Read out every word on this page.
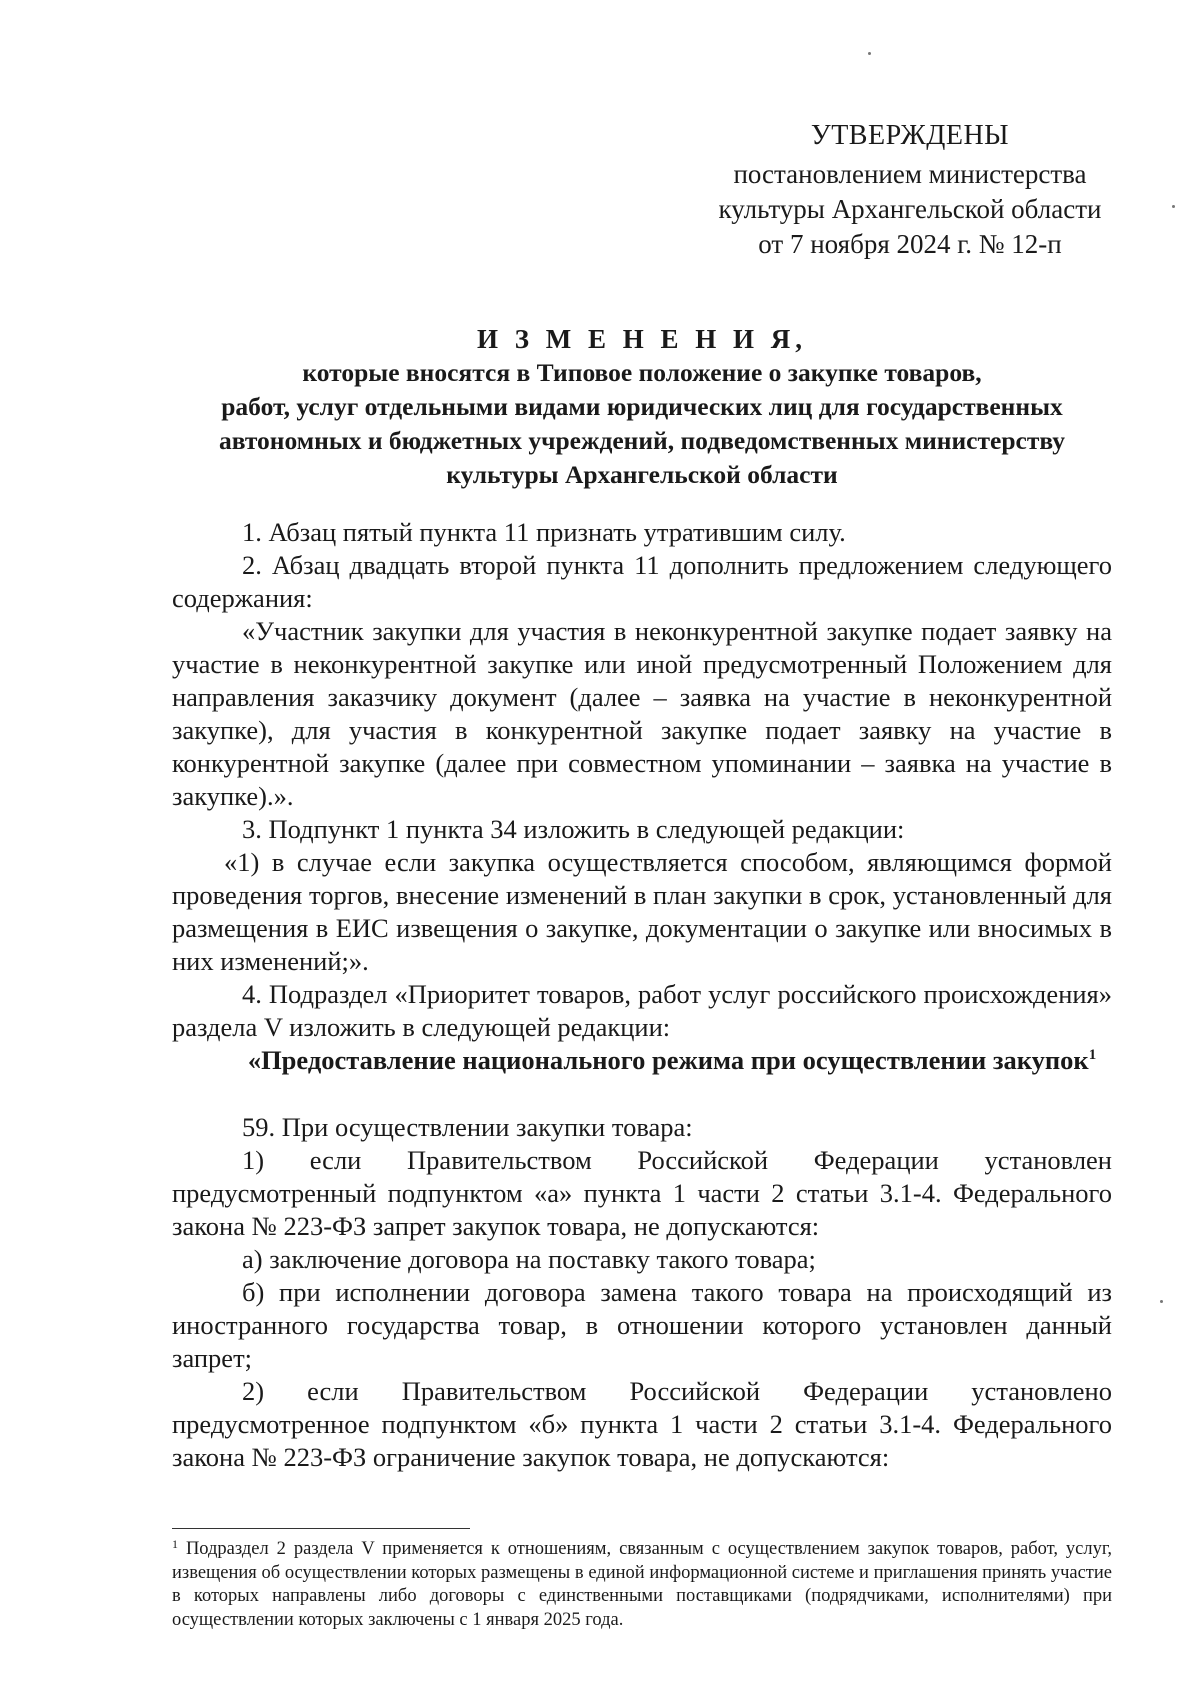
УТВЕРЖДЕНЫ
постановлением министерства
культуры Архангельской области
от 7 ноября 2024 г. № 12-п
И З М Е Н Е Н И Я,
которые вносятся в Типовое положение о закупке товаров,
работ, услуг отдельными видами юридических лиц для государственных
автономных и бюджетных учреждений, подведомственных министерству
культуры Архангельской области

1. Абзац пятый пункта 11 признать утратившим силу.

2. Абзац двадцать второй пункта 11 дополнить предложением следующего содержания:

«Участник закупки для участия в неконкурентной закупке подает заявку на участие в неконкурентной закупке или иной предусмотренный Положением для направления заказчику документ (далее – заявка на участие в неконкурентной закупке), для участия в конкурентной закупке подает заявку на участие в конкурентной закупке (далее при совместном упоминании – заявка на участие в закупке).».

3. Подпункт 1 пункта 34 изложить в следующей редакции:

«1) в случае если закупка осуществляется способом, являющимся формой проведения торгов, внесение изменений в план закупки в срок, установленный для размещения в ЕИС извещения о закупке, документации о закупке или вносимых в них изменений;».

4. Подраздел «Приоритет товаров, работ услуг российского происхождения» раздела V изложить в следующей редакции:

«Предоставление национального режима при осуществлении закупок$^1$

59. При осуществлении закупки товара:

1) если Правительством Российской Федерации установлен предусмотренный подпунктом «а» пункта 1 части 2 статьи 3.1-4. Федерального закона № 223-ФЗ запрет закупок товара, не допускаются:

а) заключение договора на поставку такого товара;

б) при исполнении договора замена такого товара на происходящий из иностранного государства товар, в отношении которого установлен данный запрет;

2) если Правительством Российской Федерации установлено предусмотренное подпунктом «б» пункта 1 части 2 статьи 3.1-4. Федерального закона № 223-ФЗ ограничение закупок товара, не допускаются:

$^1$ Подраздел 2 раздела V применяется к отношениям, связанным с осуществлением закупок товаров, работ, услуг, извещения об осуществлении которых размещены в единой информационной системе и приглашения принять участие в которых направлены либо договоры с единственными поставщиками (подрядчиками, исполнителями) при осуществлении которых заключены с 1 января 2025 года.
